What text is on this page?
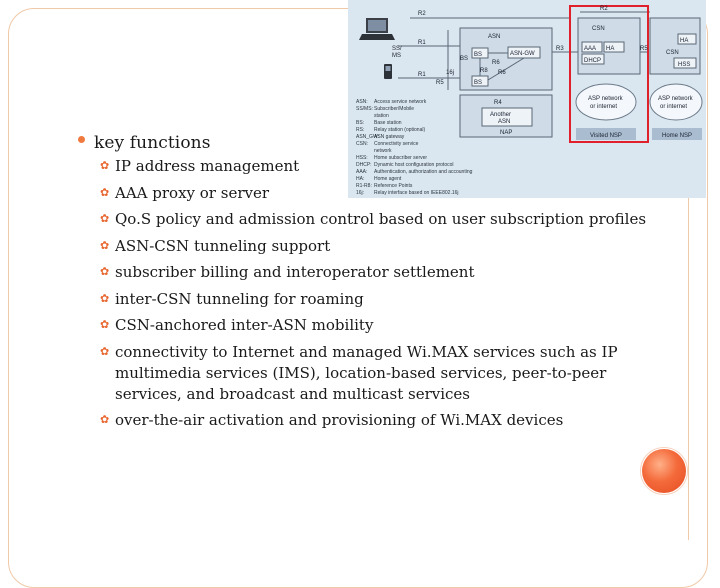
R2
R2
R1
R1
R5
R5
R3
R6
R6
R8
R4
16j
SS/
MS
ASN
BS
BS
BS
ASN-GW
CSN
CSN
AAA HA
HA
DHCP
HSS
ASP network
or internet
ASP network
or internet
Another
ASN
NAP	Visited NSP	Home NSP
ASN: Access service network
SS/MS: Subscriber/Mobile
station
BS: Base station
RS: Relay station (optional)
ASN_GW:
ASN gateway
CSN: Connectivity service
network
HSS: Home subscriber server
DHCP: Dynamic host configuration protocol
AAA: Authentication, authorization and accounting
HA: Home agent
R1-R8: Reference Points
16j: Relay interface based on IEEE802.16j
key functions
✿ IP address management
✿ AAA proxy or server
✿ Qo.S policy and admission control based on user subscription profiles
✿ ASN-CSN tunneling support
✿ subscriber billing and interoperator settlement
✿ inter-CSN tunneling for roaming
✿ CSN-anchored inter-ASN mobility
✿ connectivity to Internet and managed Wi.MAX services such as IP multimedia services (IMS), location-based services, peer-to-peer services, and broadcast and multicast services
✿ over-the-air activation and provisioning of Wi.MAX devices
